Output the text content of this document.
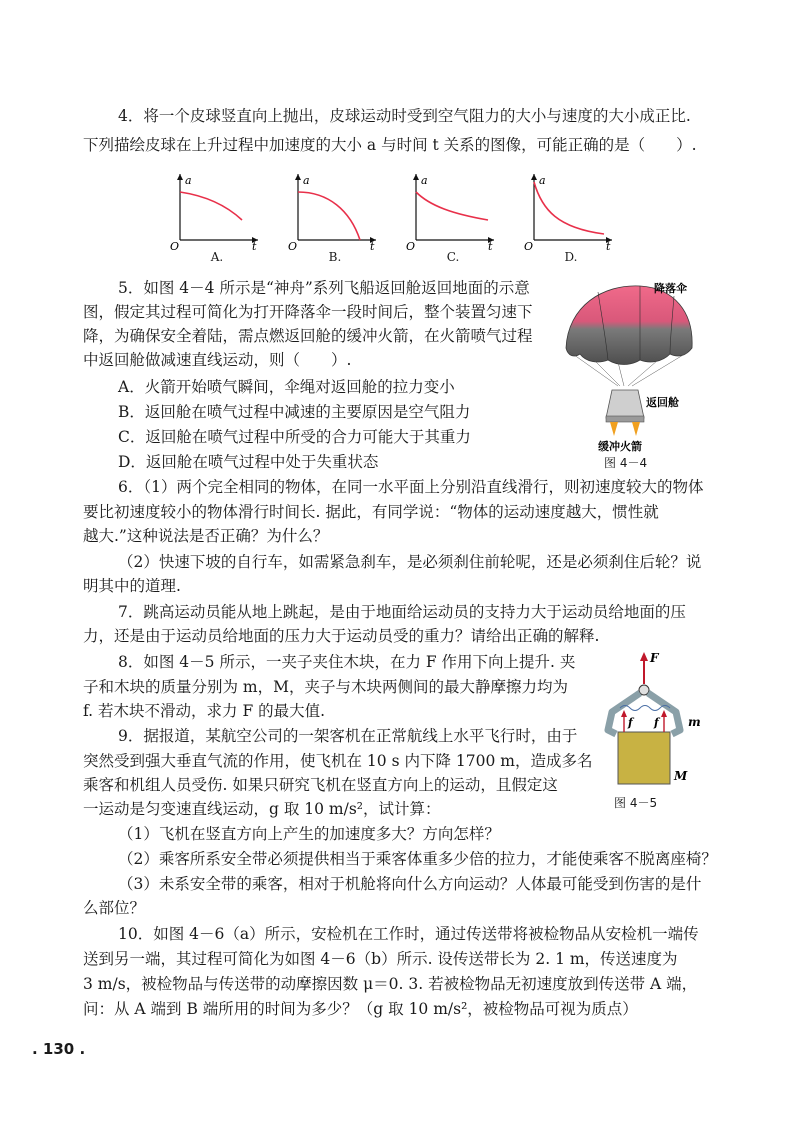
4．将一个皮球竖直向上抛出，皮球运动时受到空气阻力的大小与速度的大小成正比.
下列描绘皮球在上升过程中加速度的大小 a 与时间 t 关系的图像，可能正确的是（　　）.
a
t
O
A.
a
t
O
B.
a
t
O
C.
a
t
O
D.
5．如图 4－4 所示是“神舟”系列飞船返回舱返回地面的示意
图，假定其过程可简化为打开降落伞一段时间后，整个装置匀速下
降，为确保安全着陆，需点燃返回舱的缓冲火箭，在火箭喷气过程
中返回舱做减速直线运动，则（　　）.
A．火箭开始喷气瞬间，伞绳对返回舱的拉力变小
B．返回舱在喷气过程中减速的主要原因是空气阻力
C．返回舱在喷气过程中所受的合力可能大于其重力
D．返回舱在喷气过程中处于失重状态
降落伞
返回舱
缓冲火箭
图 4－4
6．（1）两个完全相同的物体，在同一水平面上分别沿直线滑行，则初速度较大的物体
要比初速度较小的物体滑行时间长. 据此，有同学说：“物体的运动速度越大，惯性就
越大.”这种说法是否正确？为什么？
（2）快速下坡的自行车，如需紧急刹车，是必须刹住前轮呢，还是必须刹住后轮？说
明其中的道理.
7．跳高运动员能从地上跳起，是由于地面给运动员的支持力大于运动员给地面的压
力，还是由于运动员给地面的压力大于运动员受的重力？请给出正确的解释.
8．如图 4－5 所示，一夹子夹住木块，在力 F 作用下向上提升. 夹
子和木块的质量分别为 m，M，夹子与木块两侧间的最大静摩擦力均为
f. 若木块不滑动，求力 F 的最大值.
F
f f m
M
图 4－5
9．据报道，某航空公司的一架客机在正常航线上水平飞行时，由于
突然受到强大垂直气流的作用，使飞机在 10 s 内下降 1700 m，造成多名
乘客和机组人员受伤. 如果只研究飞机在竖直方向上的运动，且假定这
一运动是匀变速直线运动，g 取 10 m/s²，试计算：
（1）飞机在竖直方向上产生的加速度多大？方向怎样？
（2）乘客所系安全带必须提供相当于乘客体重多少倍的拉力，才能使乘客不脱离座椅？
（3）未系安全带的乘客，相对于机舱将向什么方向运动？人体最可能受到伤害的是什
么部位？
10．如图 4－6（a）所示，安检机在工作时，通过传送带将被检物品从安检机一端传
送到另一端，其过程可简化为如图 4－6（b）所示. 设传送带长为 2. 1 m，传送速度为
3 m/s，被检物品与传送带的动摩擦因数 μ＝0. 3. 若被检物品无初速度放到传送带 A 端，
问：从 A 端到 B 端所用的时间为多少？（g 取 10 m/s²，被检物品可视为质点）
. 130 .
